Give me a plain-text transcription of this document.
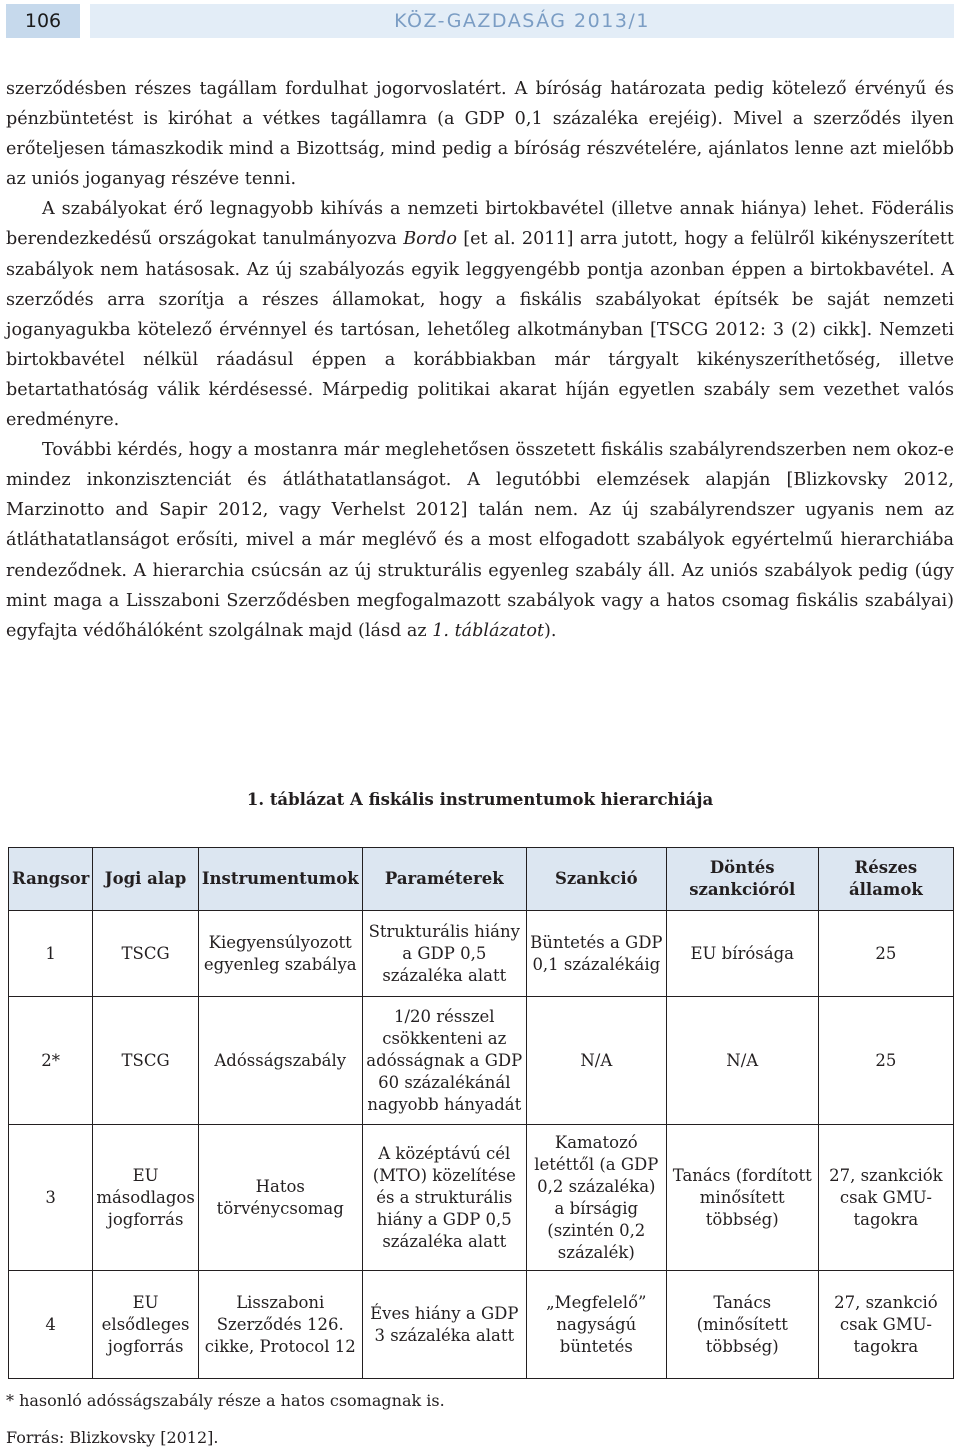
106	KÖZ-GAZDASÁG 2013/1

szerződésben részes tagállam fordulhat jogorvoslatért. A bíróság határozata pedig kötelező érvényű és pénzbüntetést is kiróhat a vétkes tagállamra (a GDP 0,1 százaléka erejéig). Mivel a szerződés ilyen erőteljesen támaszkodik mind a Bizottság, mind pedig a bíróság részvételére, ajánlatos lenne azt mielőbb az uniós joganyag részéve tenni.

A szabályokat érő legnagyobb kihívás a nemzeti birtokbavétel (illetve annak hiánya) lehet. Föderális berendezkedésű országokat tanulmányozva Bordo [et al. 2011] arra jutott, hogy a felülről kikényszerített szabályok nem hatásosak. Az új szabályozás egyik leggyengébb pontja azonban éppen a birtokbavétel. A szerződés arra szorítja a részes államokat, hogy a fiskális szabályokat építsék be saját nemzeti joganyagukba kötelező érvénnyel és tartósan, lehetőleg alkotmányban [TSCG 2012: 3 (2) cikk]. Nemzeti birtokbavétel nélkül ráadásul éppen a korábbiakban már tárgyalt kikényszeríthetőség, illetve betartathatóság válik kérdésessé. Márpedig politikai akarat híján egyetlen szabály sem vezethet valós eredményre.

További kérdés, hogy a mostanra már meglehetősen összetett fiskális szabályrendszerben nem okoz-e mindez inkonzisztenciát és átláthatatlanságot. A legutóbbi elemzések alapján [Blizkovsky 2012, Marzinotto and Sapir 2012, vagy Verhelst 2012] talán nem. Az új szabályrendszer ugyanis nem az átláthatatlanságot erősíti, mivel a már meglévő és a most elfogadott szabályok egyértelmű hierarchiába rendeződnek. A hierarchia csúcsán az új strukturális egyenleg szabály áll. Az uniós szabályok pedig (úgy mint maga a Lisszaboni Szerződésben megfogalmazott szabályok vagy a hatos csomag fiskális szabályai) egyfajta védőhálóként szolgálnak majd (lásd az 1. táblázatot).

1. táblázat A fiskális instrumentumok hierarchiája
Rangsor	Jogi alap	Instrumentumok	Paraméterek	Szankció	Döntés szankcióról	Részes államok
1	TSCG	Kiegyensúlyozott egyenleg szabálya	Strukturális hiány a GDP 0,5 százaléka alatt	Büntetés a GDP 0,1 százalékáig	EU bírósága	25
2*	TSCG	Adósságszabály	1/20 résszel csökkenteni az adósságnak a GDP 60 százalékánál nagyobb hányadát	N/A	N/A	25
3	EU másodlagos jogforrás	Hatos törvénycsomag	A középtávú cél (MTO) közelítése és a strukturális hiány a GDP 0,5 százaléka alatt	Kamatozó letéttől (a GDP 0,2 százaléka) a bírságig (szintén 0,2 százalék)	Tanács (fordított minősített többség)	27, szankciók csak GMU-tagokra
4	EU elsődleges jogforrás	Lisszaboni Szerződés 126. cikke, Protocol 12	Éves hiány a GDP 3 százaléka alatt	„Megfelelő” nagyságú büntetés	Tanács (minősített többség)	27, szankció csak GMU-tagokra
* hasonló adósságszabály része a hatos csomagnak is.
Forrás: Blizkovsky [2012].
